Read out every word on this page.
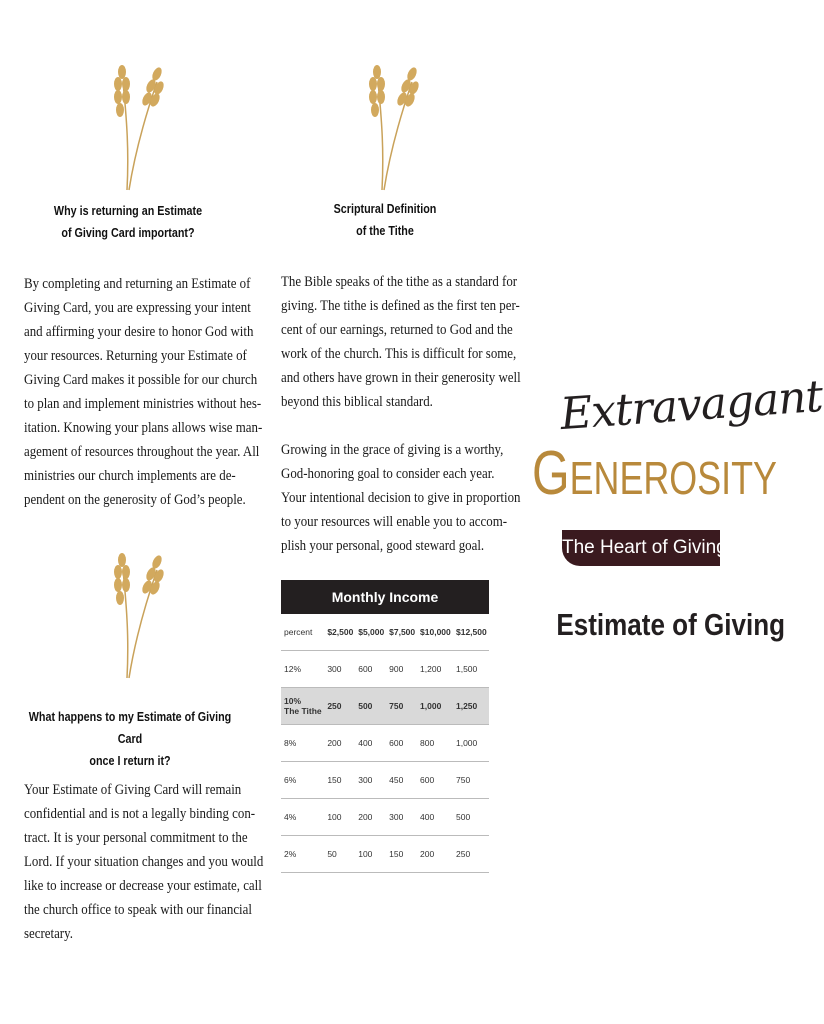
Why is returning an Estimate
of Giving Card important?
By completing and returning an Estimate of
Giving Card, you are expressing your intent
and affirming your desire to honor God with
your resources. Returning your Estimate of
Giving Card makes it possible for our church
to plan and implement ministries without hes-
itation. Knowing your plans allows wise man-
agement of resources throughout the year. All
ministries our church implements are de-
pendent on the generosity of God’s people.
What happens to my Estimate of Giving Card
once I return it?
Your Estimate of Giving Card will remain
confidential and is not a legally binding con-
tract. It is your personal commitment to the
Lord. If your situation changes and you would
like to increase or decrease your estimate, call
the church office to speak with our financial
secretary.
Scriptural Definition
of the Tithe
The Bible speaks of the tithe as a standard for
giving. The tithe is defined as the first ten per-
cent of our earnings, returned to God and the
work of the church. This is difficult for some,
and others have grown in their generosity well
beyond this biblical standard.
Growing in the grace of giving is a worthy,
God-honoring goal to consider each year.
Your intentional decision to give in proportion
to your resources will enable you to accom-
plish your personal, good steward goal.
Monthly Income
percent	$2,500	$5,000	$7,500	$10,000	$12,500
12%	300	600	900	1,200	1,500
10%
The Tithe	250	500	750	1,000	1,250
8%	200	400	600	800	1,000
6%	150	300	450	600	750
4%	100	200	300	400	500
2%	50	100	150	200	250
Extravagant
GENEROSITY
The Heart of Giving
Estimate of Giving
